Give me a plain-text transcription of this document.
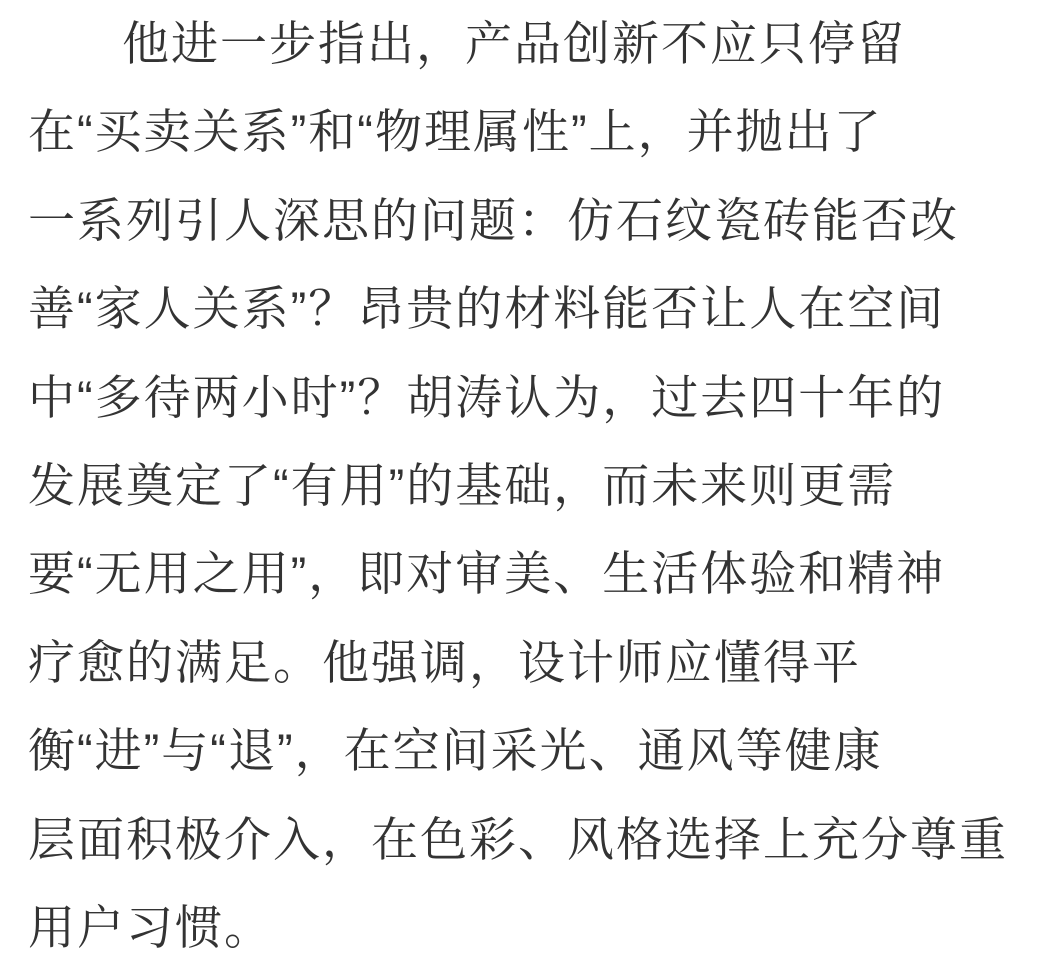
他进一步指出，产品创新不应只停留
在“买卖关系”和“物理属性”上，并抛出了
一系列引人深思的问题：仿石纹瓷砖能否改
善“家人关系”？昂贵的材料能否让人在空间
中“多待两小时”？胡涛认为，过去四十年的
发展奠定了“有用”的基础，而未来则更需
要“无用之用”，即对审美、生活体验和精神
疗愈的满足。他强调，设计师应懂得平
衡“进”与“退”，在空间采光、通风等健康
层面积极介入，在色彩、风格选择上充分尊重
用户习惯。
